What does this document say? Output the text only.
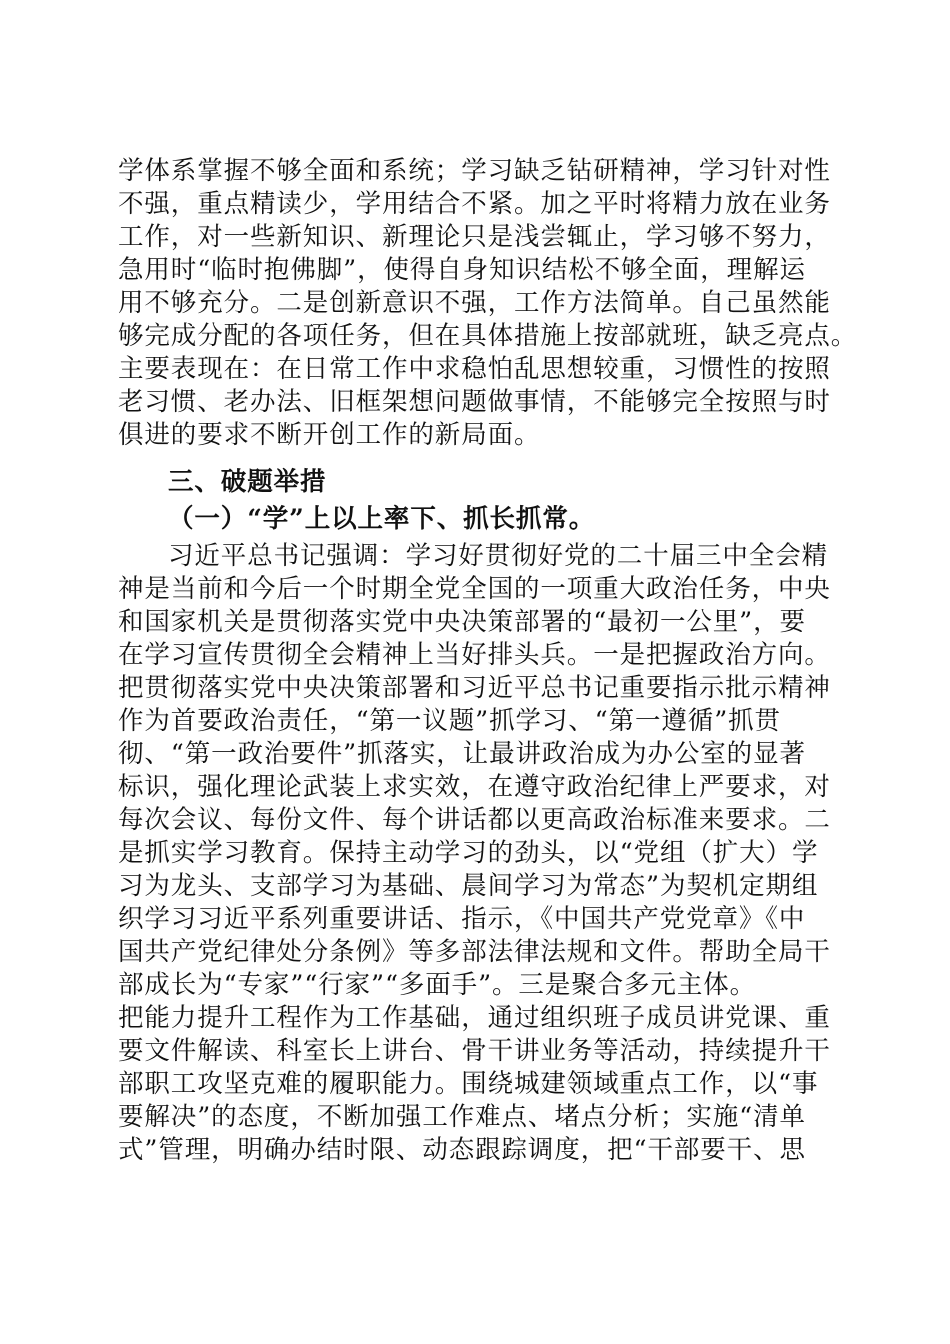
学体系掌握不够全面和系统；学习缺乏钻研精神，学习针对性
不强，重点精读少，学用结合不紧。加之平时将精力放在业务
工作，对一些新知识、新理论只是浅尝辄止，学习够不努力，
急用时“临时抱佛脚”，使得自身知识结松不够全面，理解运
用不够充分。二是创新意识不强，工作方法简单。自己虽然能
够完成分配的各项任务，但在具体措施上按部就班，缺乏亮点。
主要表现在：在日常工作中求稳怕乱思想较重，习惯性的按照
老习惯、老办法、旧框架想问题做事情，不能够完全按照与时
俱进的要求不断开创工作的新局面。
三、破题举措
（一）“学”上以上率下、抓长抓常。
习近平总书记强调：学习好贯彻好党的二十届三中全会精
神是当前和今后一个时期全党全国的一项重大政治任务，中央
和国家机关是贯彻落实党中央决策部署的“最初一公里”，要
在学习宣传贯彻全会精神上当好排头兵。一是把握政治方向。
把贯彻落实党中央决策部署和习近平总书记重要指示批示精神
作为首要政治责任，“第一议题”抓学习、“第一遵循”抓贯
彻、“第一政治要件”抓落实，让最讲政治成为办公室的显著
标识，强化理论武装上求实效，在遵守政治纪律上严要求，对
每次会议、每份文件、每个讲话都以更高政治标准来要求。二
是抓实学习教育。保持主动学习的劲头，以“党组（扩大）学
习为龙头、支部学习为基础、晨间学习为常态”为契机定期组
织学习习近平系列重要讲话、指示，《中国共产党党章》《中
国共产党纪律处分条例》等多部法律法规和文件。帮助全局干
部成长为“专家”“行家”“多面手”。三是聚合多元主体。
把能力提升工程作为工作基础，通过组织班子成员讲党课、重
要文件解读、科室长上讲台、骨干讲业务等活动，持续提升干
部职工攻坚克难的履职能力。围绕城建领域重点工作，以“事
要解决”的态度，不断加强工作难点、堵点分析；实施“清单
式”管理，明确办结时限、动态跟踪调度，把“干部要干、思
